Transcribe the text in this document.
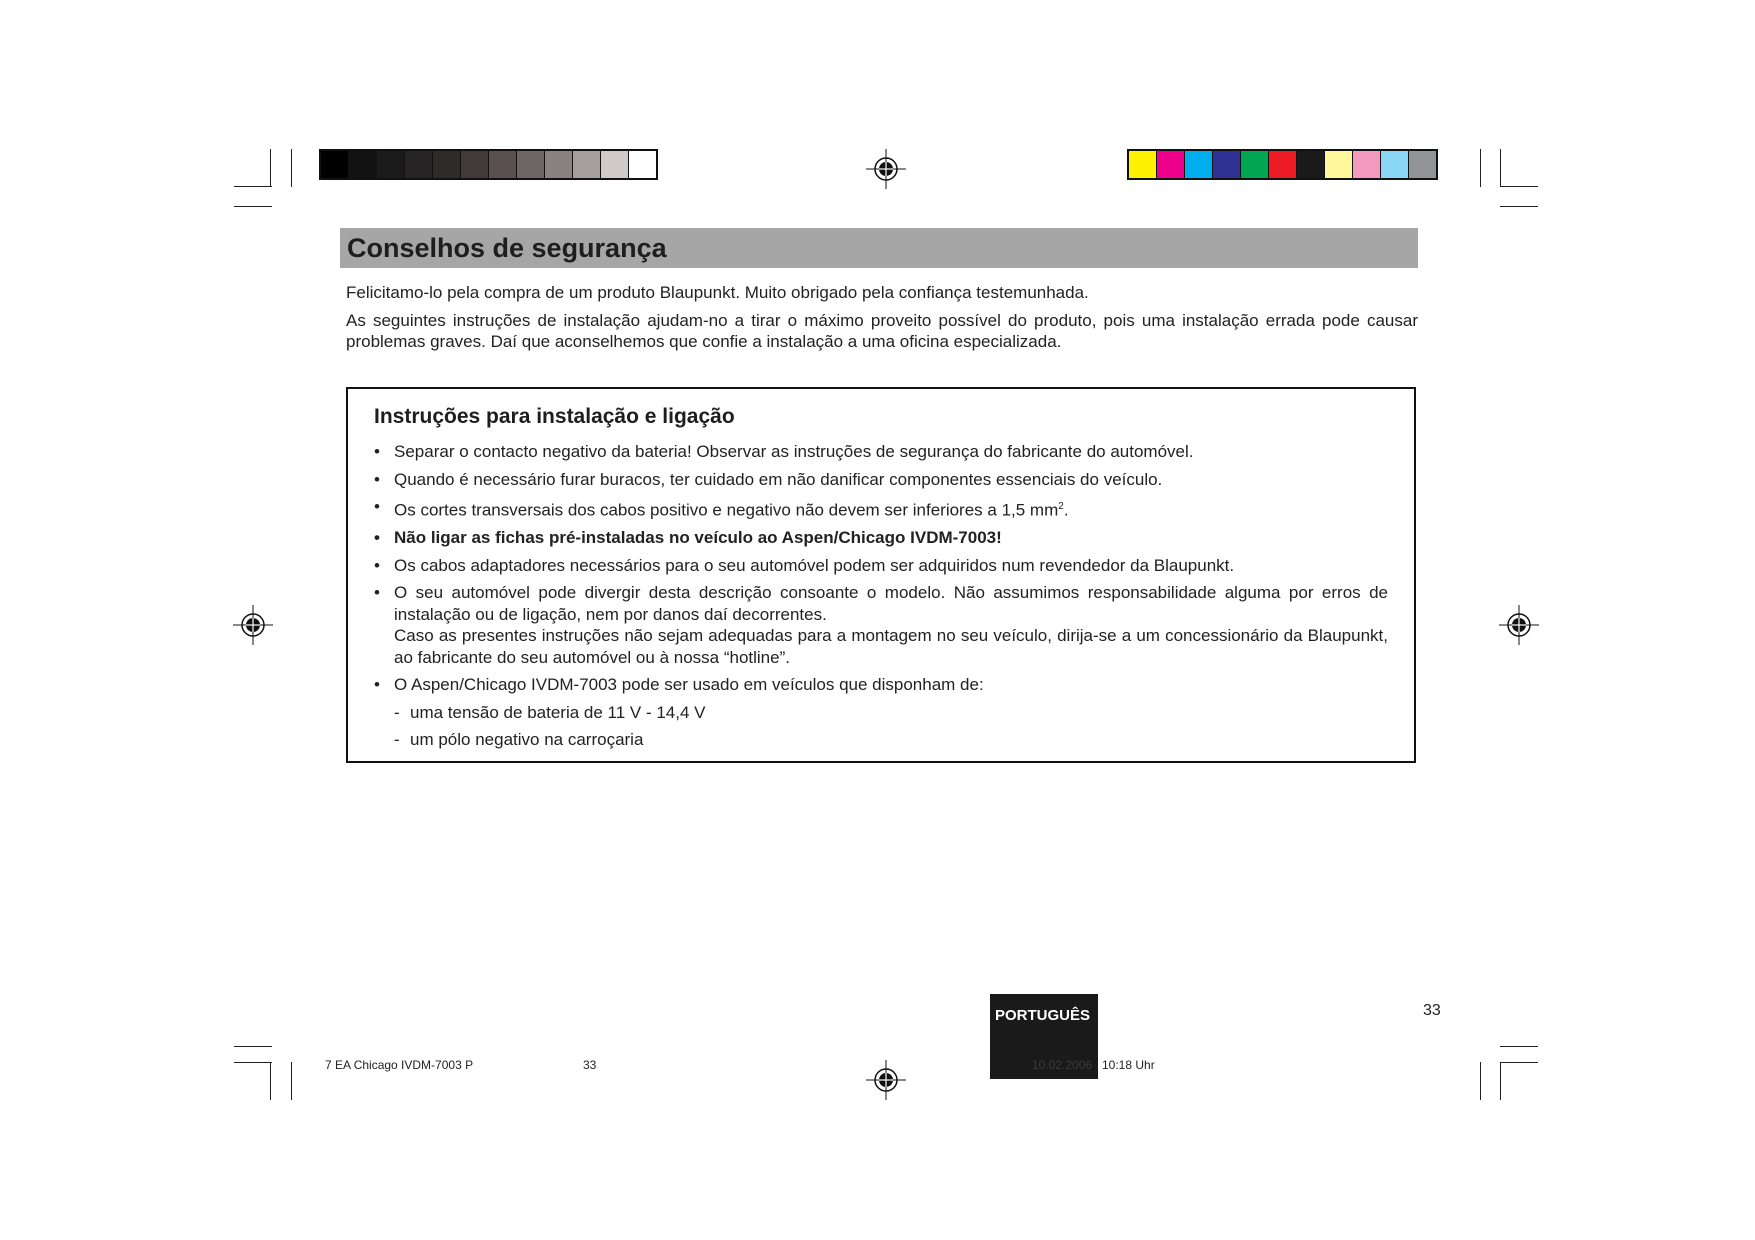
Conselhos de segurança

Felicitamo-lo pela compra de um produto Blaupunkt. Muito obrigado pela confiança testemunhada.

As seguintes instruções de instalação ajudam-no a tirar o máximo proveito possível do produto, pois uma instalação errada pode causar problemas graves. Daí que aconselhemos que confie a instalação a uma oficina especializada.

Instruções para instalação e ligação
• Separar o contacto negativo da bateria! Observar as instruções de segurança do fabricante do automóvel.
• Quando é necessário furar buracos, ter cuidado em não danificar componentes essenciais do veículo.
• Os cortes transversais dos cabos positivo e negativo não devem ser inferiores a 1,5 $mm^2$.
• Não ligar as fichas pré-instaladas no veículo ao Aspen/Chicago IVDM-7003!
• Os cabos adaptadores necessários para o seu automóvel podem ser adquiridos num revendedor da Blaupunkt.
• O seu automóvel pode divergir desta descrição consoante o modelo. Não assumimos responsabilidade alguma por erros de instalação ou de ligação, nem por danos daí decorrentes.
Caso as presentes instruções não sejam adequadas para a montagem no seu veículo, dirija-se a um concessionário da Blaupunkt, ao fabricante do seu automóvel ou à nossa “hotline”.
• O Aspen/Chicago IVDM-7003 pode ser usado em veículos que disponham de:
- uma tensão de bateria de 11 V - 14,4 V
- um pólo negativo na carroçaria
PORTUGUÊS	33
7 EA Chicago IVDM-7003 P	33	10.02.2006 10:18 Uhr
